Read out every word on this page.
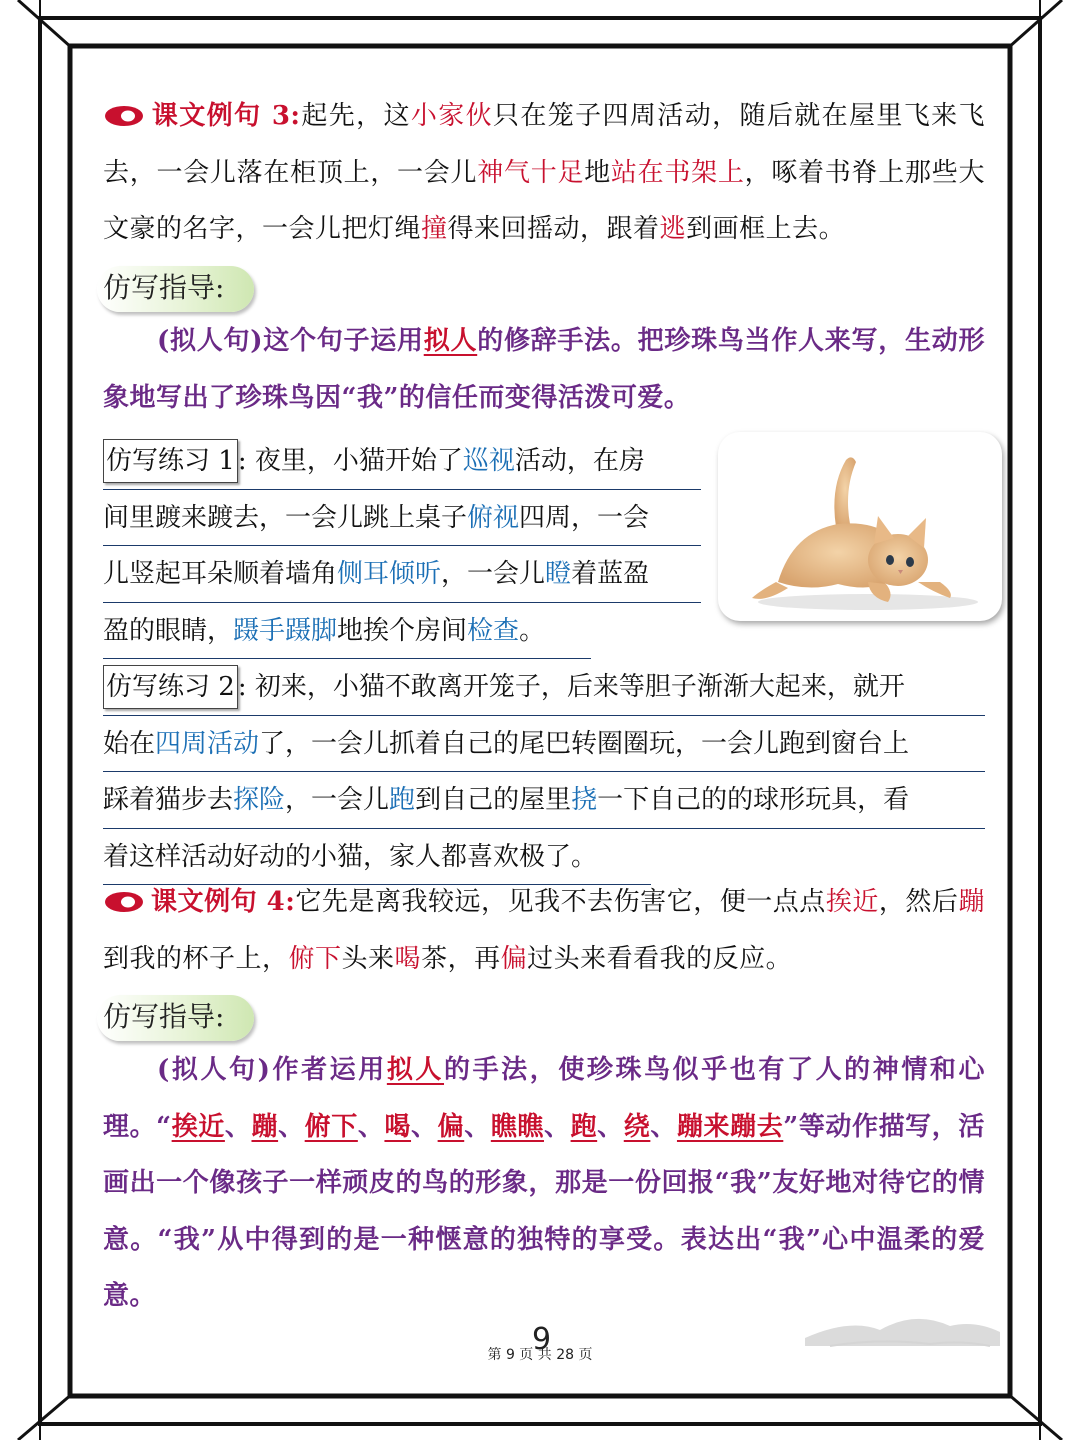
课文例句 3:起先，这小家伙只在笼子四周活动，随后就在屋里飞来飞去，一会儿落在柜顶上，一会儿神气十足地站在书架上，啄着书脊上那些大文豪的名字，一会儿把灯绳撞得来回摇动，跟着逃到画框上去。
仿写指导:
(拟人句)这个句子运用拟人的修辞手法。把珍珠鸟当作人来写，生动形象地写出了珍珠鸟因“我”的信任而变得活泼可爱。
仿写练习 1 : 夜里，小猫开始了巡视活动，在房
间里踱来踱去，一会儿跳上桌子俯视四周，一会
儿竖起耳朵顺着墙角侧耳倾听，一会儿瞪着蓝盈
盈的眼睛，蹑手蹑脚地挨个房间检查。
仿写练习 2 : 初来，小猫不敢离开笼子，后来等胆子渐渐大起来，就开
始在四周活动了，一会儿抓着自己的尾巴转圈圈玩，一会儿跑到窗台上
踩着猫步去探险，一会儿跑到自己的屋里挠一下自己的的球形玩具，看
着这样活动好动的小猫，家人都喜欢极了。
课文例句 4:它先是离我较远，见我不去伤害它，便一点点挨近，然后蹦到我的杯子上，俯下头来喝茶，再偏过头来看看我的反应。
仿写指导:
(拟人句)作者运用拟人的手法，使珍珠鸟似乎也有了人的神情和心理。“挨近、蹦、俯下、喝、偏、瞧瞧、跑、绕、蹦来蹦去”等动作描写，活画出一个像孩子一样顽皮的鸟的形象，那是一份回报“我”友好地对待它的情意。“我”从中得到的是一种惬意的独特的享受。表达出“我”心中温柔的爱意。
9
第 9 页 共 28 页
